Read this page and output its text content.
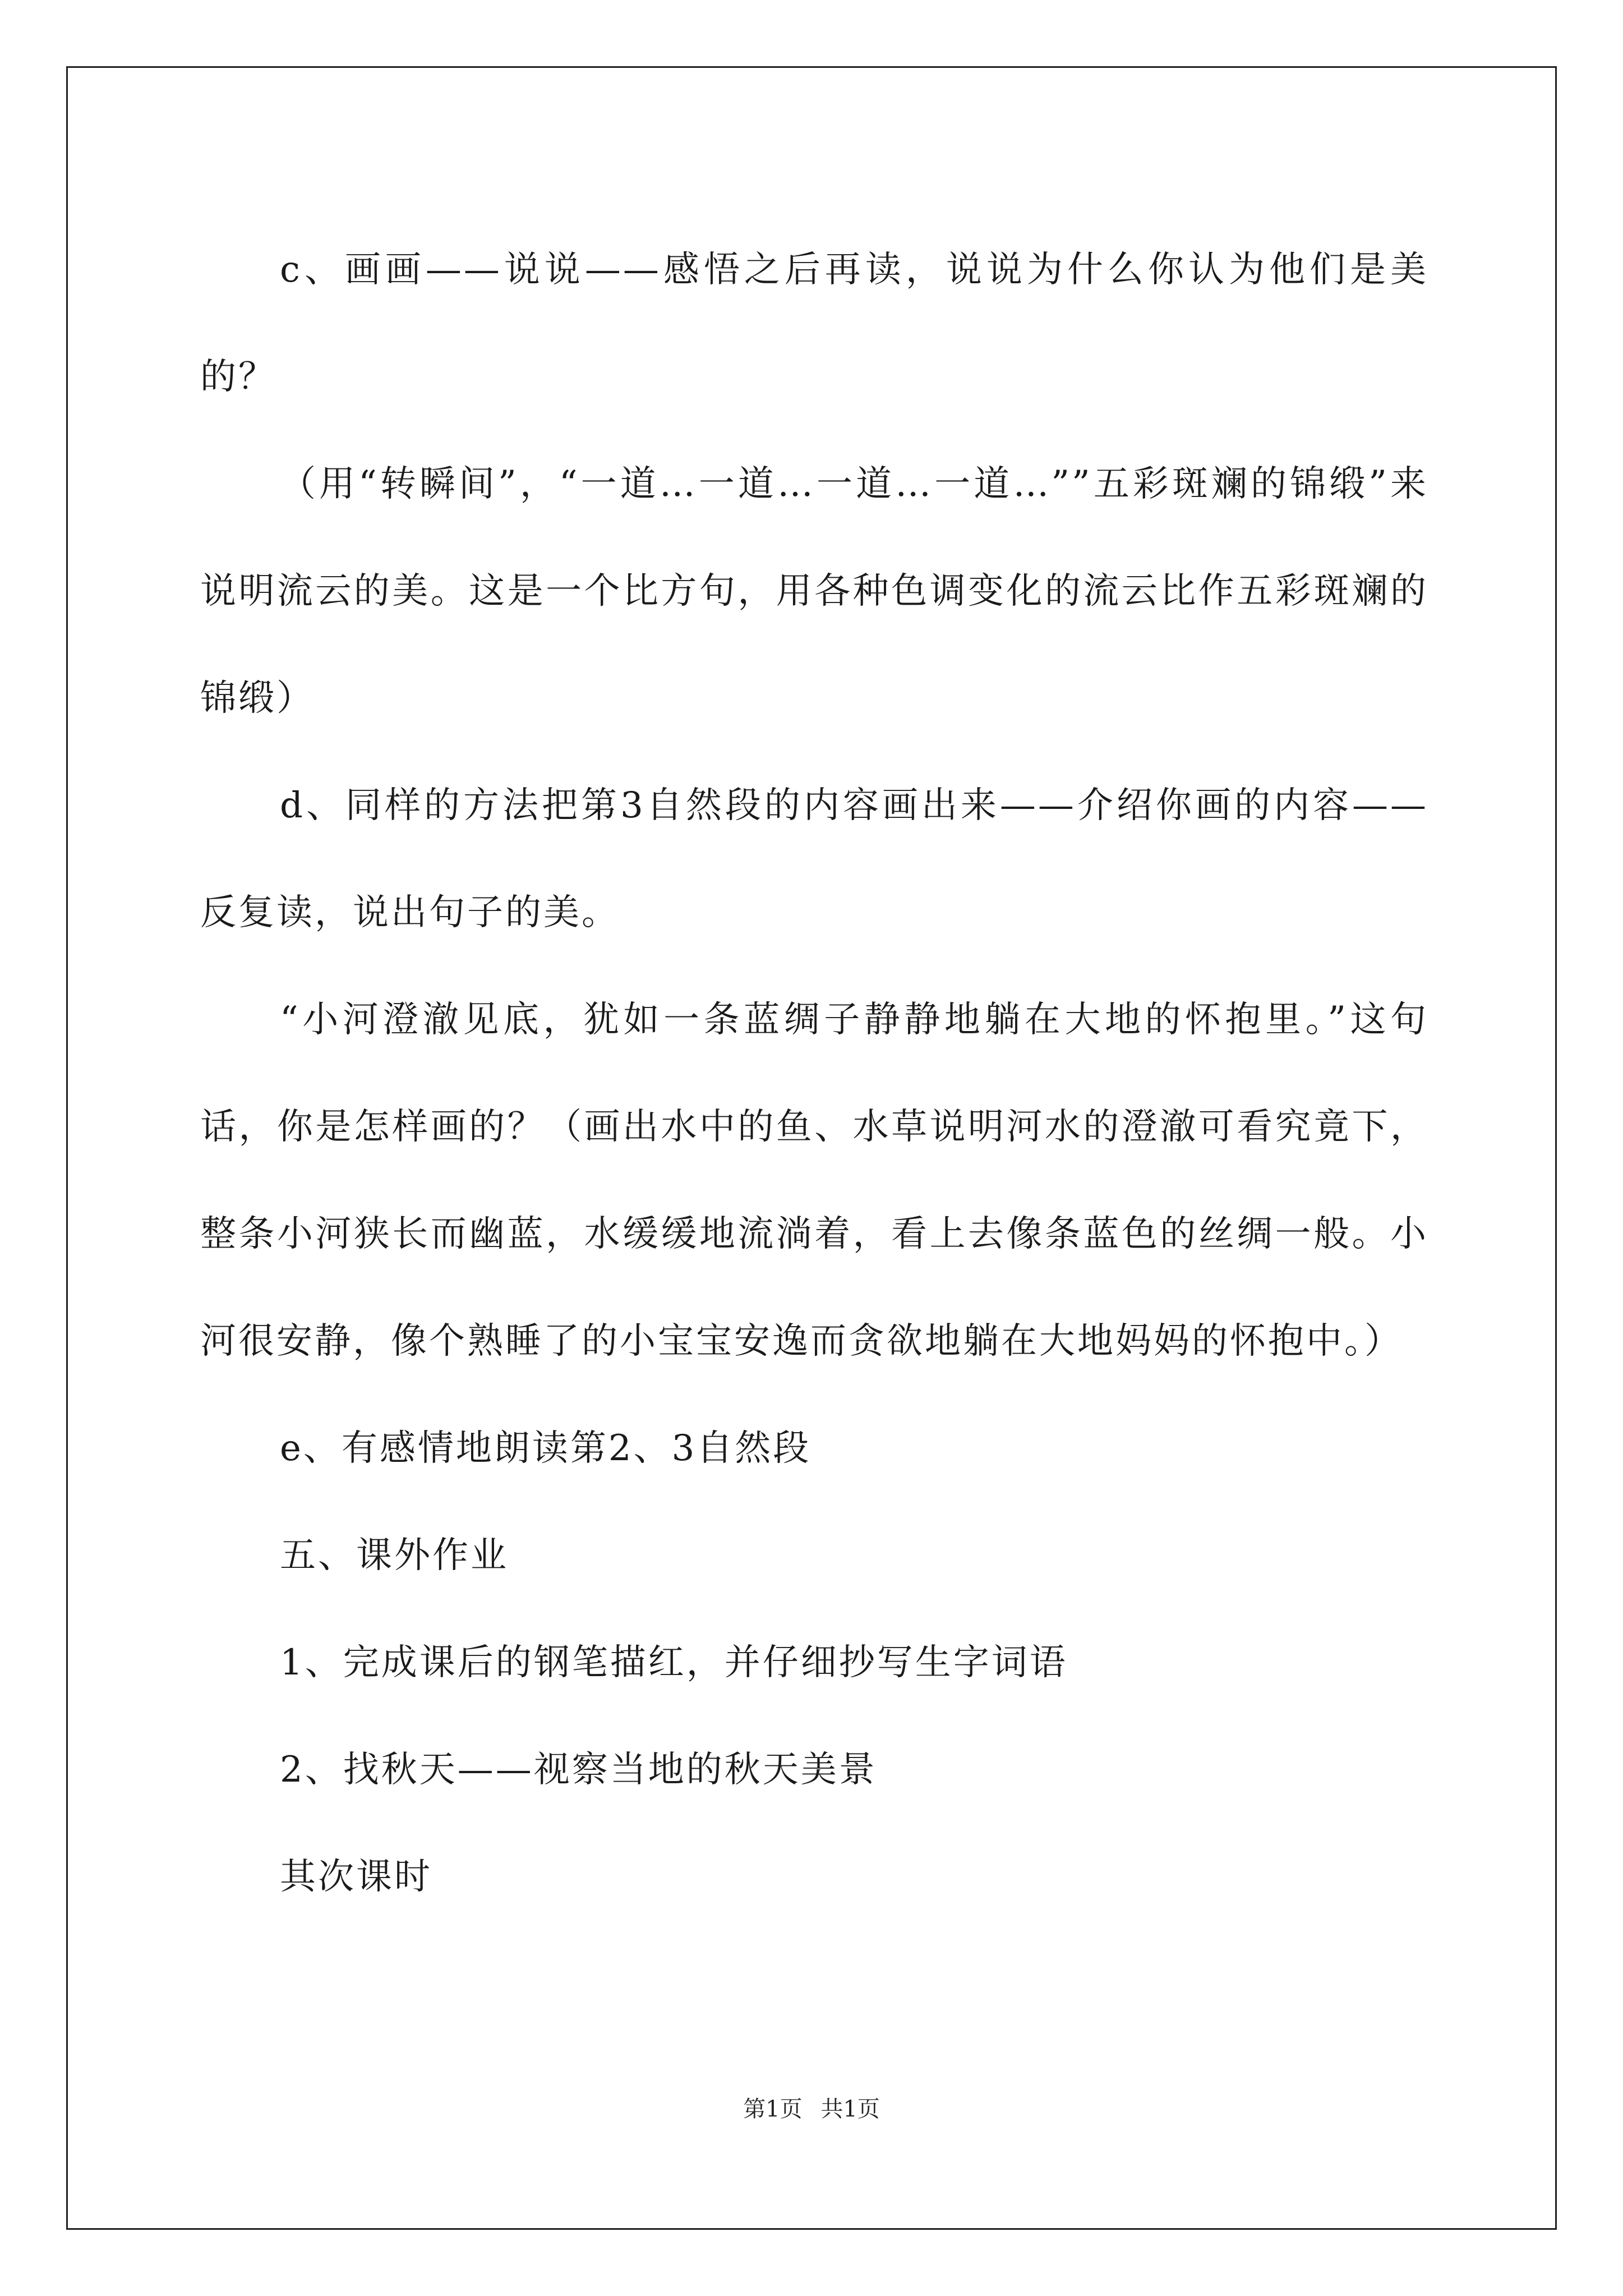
c、画画——说说——感悟之后再读，说说为什么你认为他们是美的？

（用“转瞬间”，“一道…一道…一道…一道…””五彩斑斓的锦缎”来说明流云的美。这是一个比方句，用各种色调变化的流云比作五彩斑斓的锦缎）

d、同样的方法把第3自然段的内容画出来——介绍你画的内容——反复读，说出句子的美。

“小河澄澈见底，犹如一条蓝绸子静静地躺在大地的怀抱里。”这句话，你是怎样画的？（画出水中的鱼、水草说明河水的澄澈可看究竟下，整条小河狭长而幽蓝，水缓缓地流淌着，看上去像条蓝色的丝绸一般。小河很安静，像个熟睡了的小宝宝安逸而贪欲地躺在大地妈妈的怀抱中。）

e、有感情地朗读第2、3自然段

五、课外作业

1、完成课后的钢笔描红，并仔细抄写生字词语

2、找秋天——视察当地的秋天美景

其次课时

第1页 共1页
